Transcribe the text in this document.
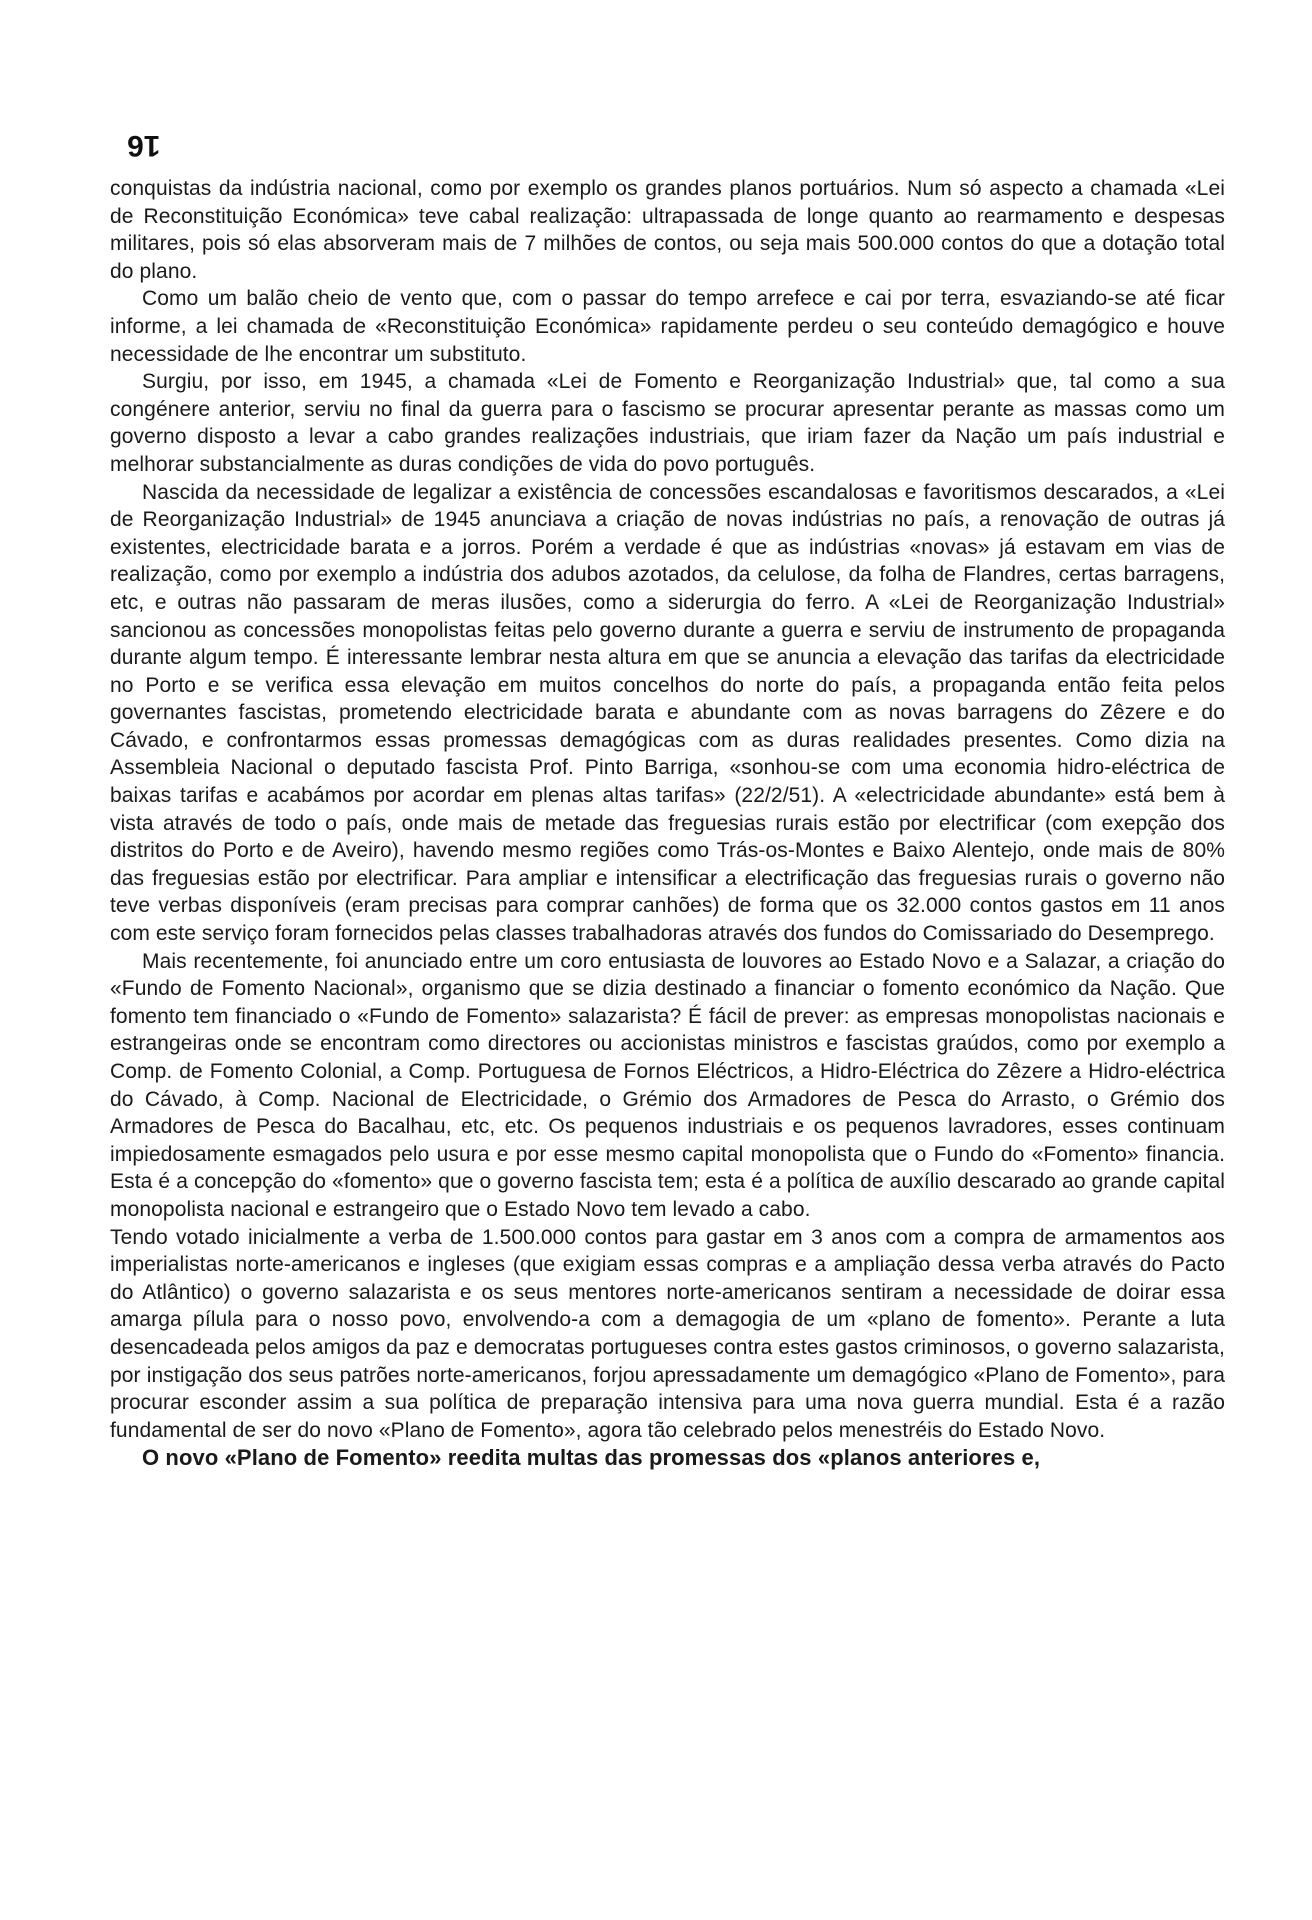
16

conquistas da indústria nacional, como por exemplo os grandes planos portuários. Num só aspecto a chamada «Lei de Reconstituição Económica» teve cabal realização: ultrapassada de longe quanto ao rearmamento e despesas militares, pois só elas absorveram mais de 7 milhões de contos, ou seja mais 500.000 contos do que a dotação total do plano.

Como um balão cheio de vento que, com o passar do tempo arrefece e cai por terra, esvaziando-se até ficar informe, a lei chamada de «Reconstituição Económica» rapidamente perdeu o seu conteúdo demagógico e houve necessidade de lhe encontrar um substituto.

Surgiu, por isso, em 1945, a chamada «Lei de Fomento e Reorganização Industrial» que, tal como a sua congénere anterior, serviu no final da guerra para o fascismo se procurar apresentar perante as massas como um governo disposto a levar a cabo grandes realizações industriais, que iriam fazer da Nação um país industrial e melhorar substancialmente as duras condições de vida do povo português.

Nascida da necessidade de legalizar a existência de concessões escandalosas e favoritismos descarados, a «Lei de Reorganização Industrial» de 1945 anunciava a criação de novas indústrias no país, a renovação de outras já existentes, electricidade barata e a jorros. Porém a verdade é que as indústrias «novas» já estavam em vias de realização, como por exemplo a indústria dos adubos azotados, da celulose, da folha de Flandres, certas barragens, etc, e outras não passaram de meras ilusões, como a siderurgia do ferro. A «Lei de Reorganização Industrial» sancionou as concessões monopolistas feitas pelo governo durante a guerra e serviu de instrumento de propaganda durante algum tempo. É interessante lembrar nesta altura em que se anuncia a elevação das tarifas da electricidade no Porto e se verifica essa elevação em muitos concelhos do norte do país, a propaganda então feita pelos governantes fascistas, prometendo electricidade barata e abundante com as novas barragens do Zêzere e do Cávado, e confrontarmos essas promessas demagógicas com as duras realidades presentes. Como dizia na Assembleia Nacional o deputado fascista Prof. Pinto Barriga, «sonhou-se com uma economia hidro-eléctrica de baixas tarifas e acabámos por acordar em plenas altas tarifas» (22/2/51). A «electricidade abundante» está bem à vista através de todo o país, onde mais de metade das freguesias rurais estão por electrificar (com exepção dos distritos do Porto e de Aveiro), havendo mesmo regiões como Trás-os-Montes e Baixo Alentejo, onde mais de 80% das freguesias estão por electrificar. Para ampliar e intensificar a electrificação das freguesias rurais o governo não teve verbas disponíveis (eram precisas para comprar canhões) de forma que os 32.000 contos gastos em 11 anos com este serviço foram fornecidos pelas classes trabalhadoras através dos fundos do Comissariado do Desemprego.

Mais recentemente, foi anunciado entre um coro entusiasta de louvores ao Estado Novo e a Salazar, a criação do «Fundo de Fomento Nacional», organismo que se dizia destinado a financiar o fomento económico da Nação. Que fomento tem financiado o «Fundo de Fomento» salazarista? É fácil de prever: as empresas monopolistas nacionais e estrangeiras onde se encontram como directores ou accionistas ministros e fascistas graúdos, como por exemplo a Comp. de Fomento Colonial, a Comp. Portuguesa de Fornos Eléctricos, a Hidro-Eléctrica do Zêzere a Hidro-eléctrica do Cávado, à Comp. Nacional de Electricidade, o Grémio dos Armadores de Pesca do Arrasto, o Grémio dos Armadores de Pesca do Bacalhau, etc, etc. Os pequenos industriais e os pequenos lavradores, esses continuam impiedosamente esmagados pelo usura e por esse mesmo capital monopolista que o Fundo do «Fomento» financia. Esta é a concepção do «fomento» que o governo fascista tem; esta é a política de auxílio descarado ao grande capital monopolista nacional e estrangeiro que o Estado Novo tem levado a cabo.

Tendo votado inicialmente a verba de 1.500.000 contos para gastar em 3 anos com a compra de armamentos aos imperialistas norte-americanos e ingleses (que exigiam essas compras e a ampliação dessa verba através do Pacto do Atlântico) o governo salazarista e os seus mentores norte-americanos sentiram a necessidade de doirar essa amarga pílula para o nosso povo, envolvendo-a com a demagogia de um «plano de fomento». Perante a luta desencadeada pelos amigos da paz e democratas portugueses contra estes gastos criminosos, o governo salazarista, por instigação dos seus patrões norte-americanos, forjou apressadamente um demagógico «Plano de Fomento», para procurar esconder assim a sua política de preparação intensiva para uma nova guerra mundial. Esta é a razão fundamental de ser do novo «Plano de Fomento», agora tão celebrado pelos menestréis do Estado Novo.

O novo «Plano de Fomento» reedita multas das promessas dos «planos anteriores e,
